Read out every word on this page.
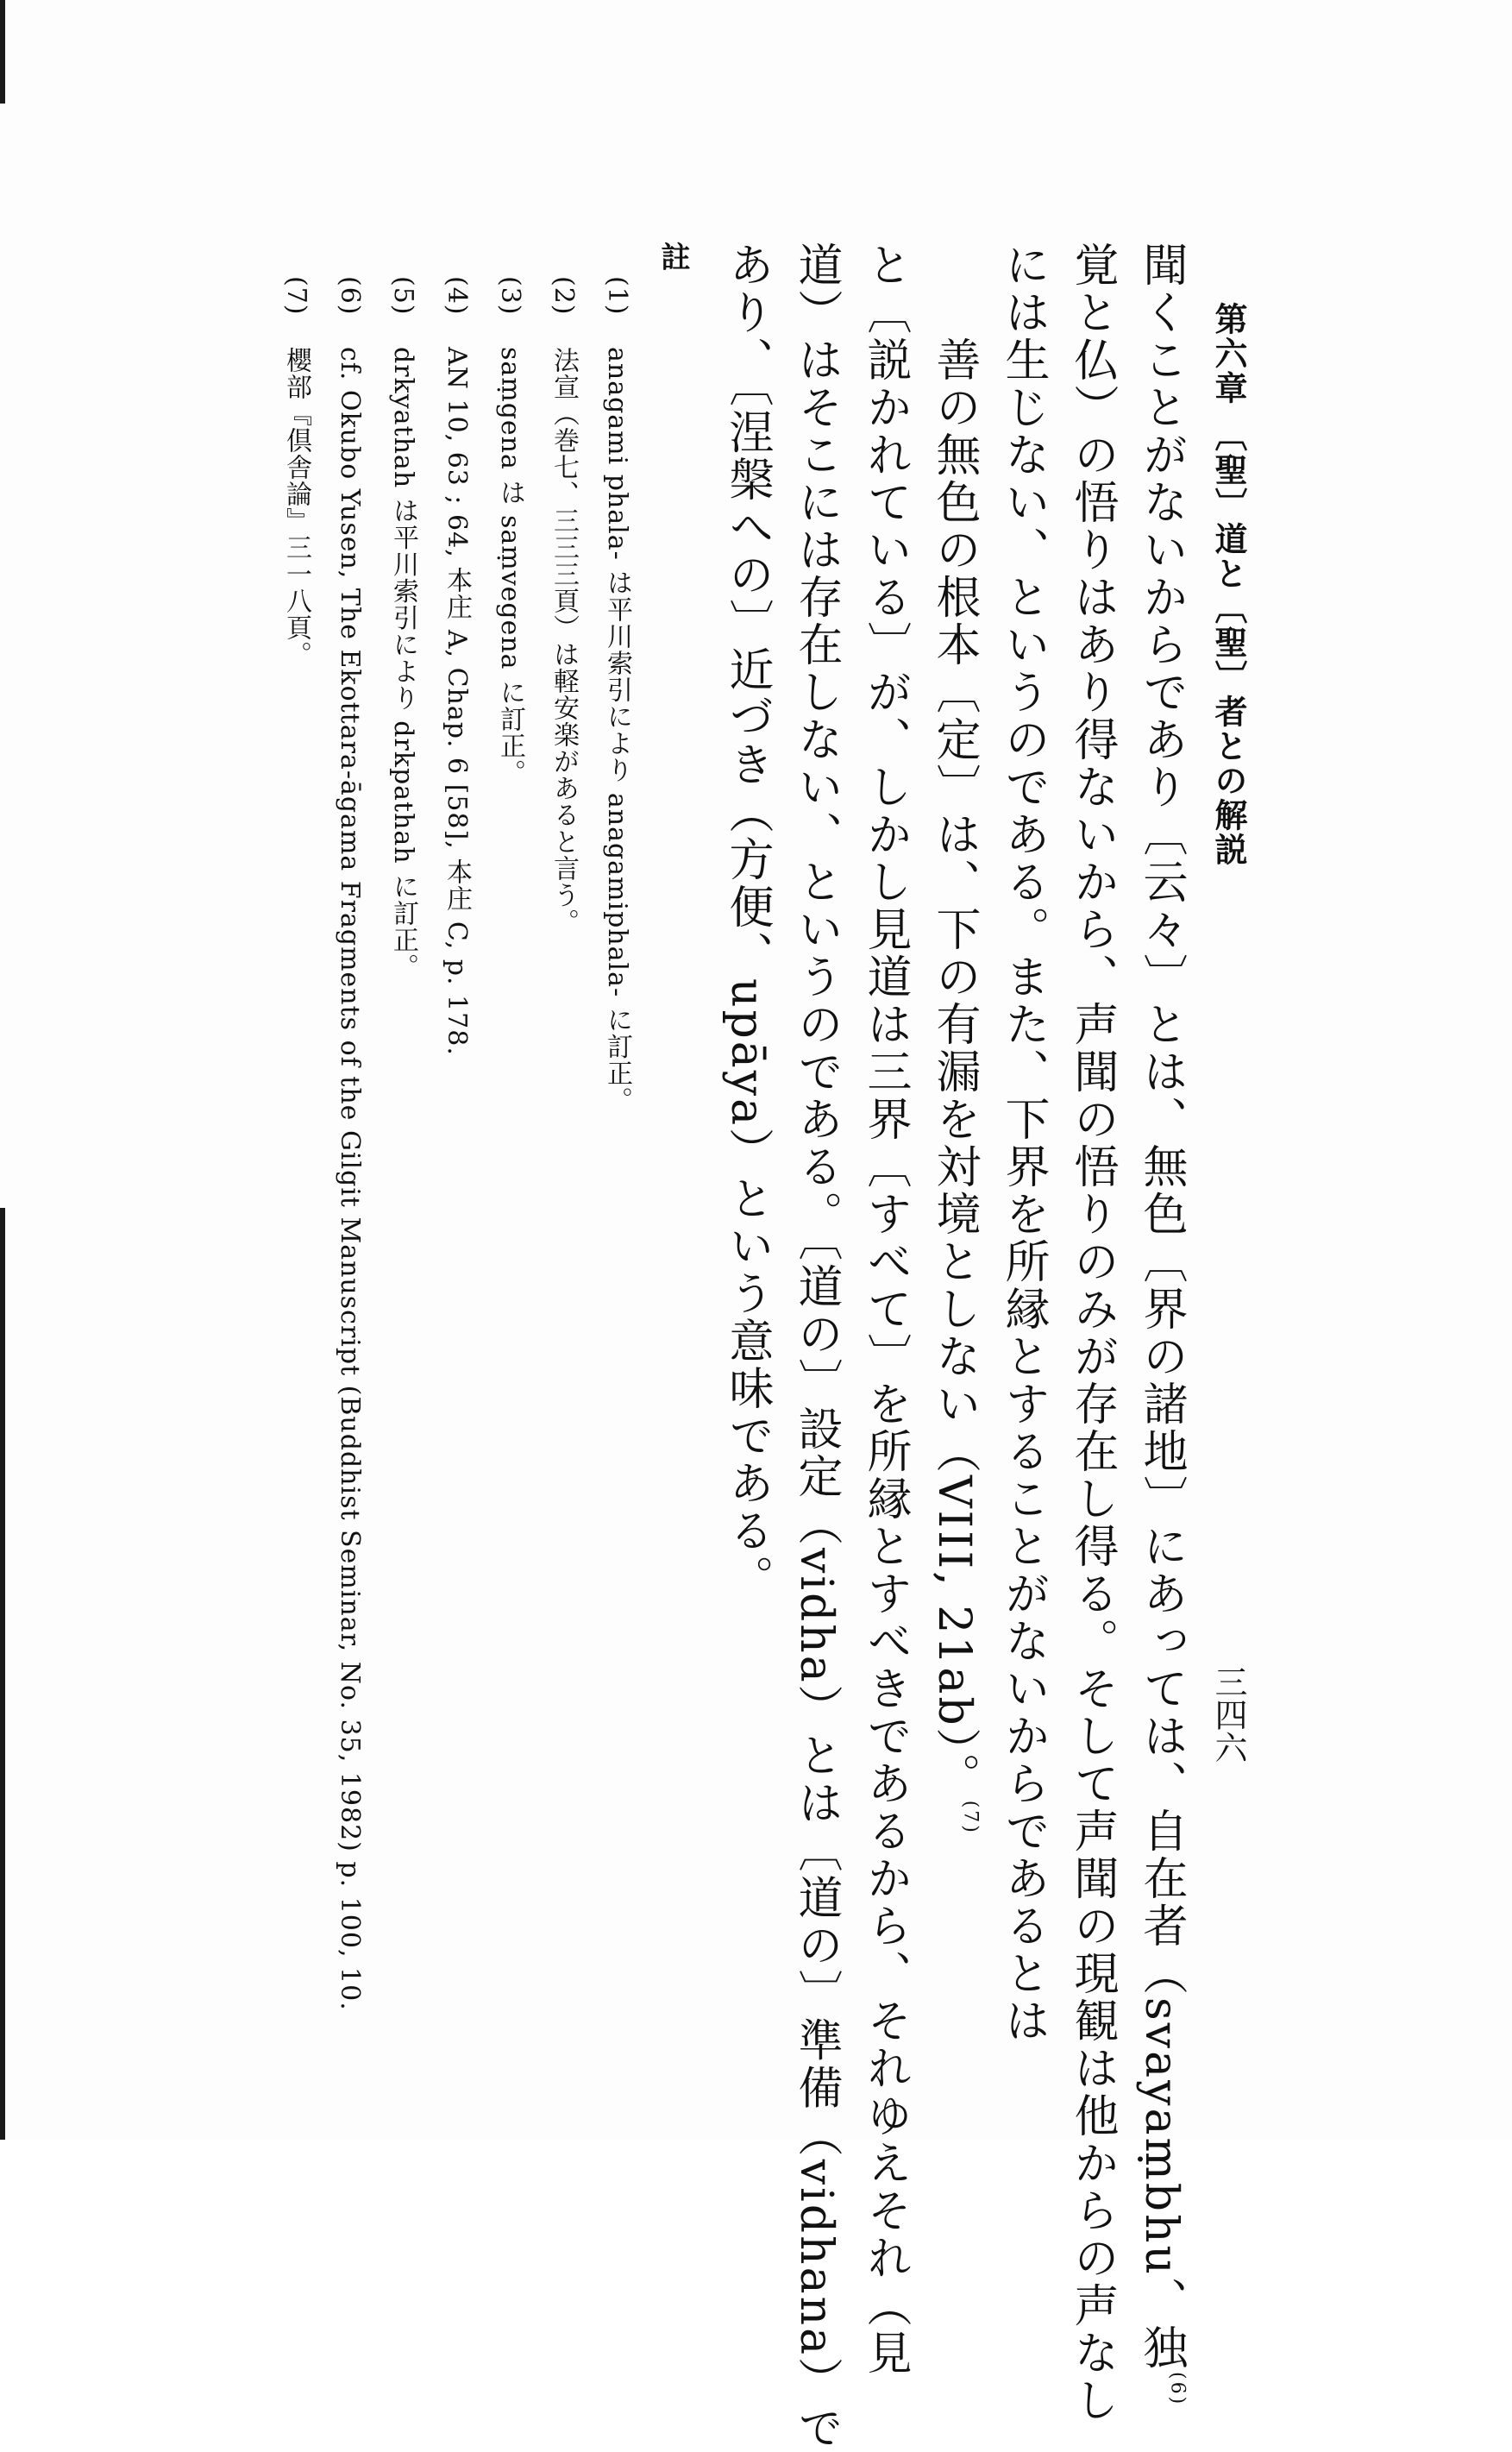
第六章 〔聖〕道と〔聖〕者との解説

三四六

聞くことがないからであり〔云々〕とは、無色〔界の諸地〕にあっては、自在者（svayaṃbhu、独$^{(6)}$

覚と仏）の悟りはあり得ないから、声聞の悟りのみが存在し得る。そして声聞の現観は他からの声なし

には生じない、というのである。また、下界を所縁とすることがないからであるとは

善の無色の根本〔定〕は、下の有漏を対境としない（VIII, 21ab）。$^{(7)}$

と〔説かれている〕が、しかし見道は三界〔すべて〕を所縁とすべきであるから、それゆえそれ（見

道）はそこには存在しない、というのである。〔道の〕設定（vidha）とは〔道の〕準備（vidhana）で

あり、〔涅槃への〕近づき（方便、upāya）という意味である。

註

(1)
anagami phala- は平川索引により anagamiphala- に訂正。
(2)
法宣（巻七、三三三頁）は軽安楽があると言う。
(3)
saṃgena は saṃvegena に訂正。
(4)
AN 10, 63 ; 64, 本庄 A, Chap. 6 [58], 本庄 C, p. 178.
(5)
drkyathah は平川索引により drkpathah に訂正。
(6)
cf. Okubo Yusen, The Ekottara-āgama Fragments of the Gilgit Manuscript (Buddhist Seminar, No. 35, 1982) p. 100, 10.
(7)
櫻部『倶舎論』三一八頁。
